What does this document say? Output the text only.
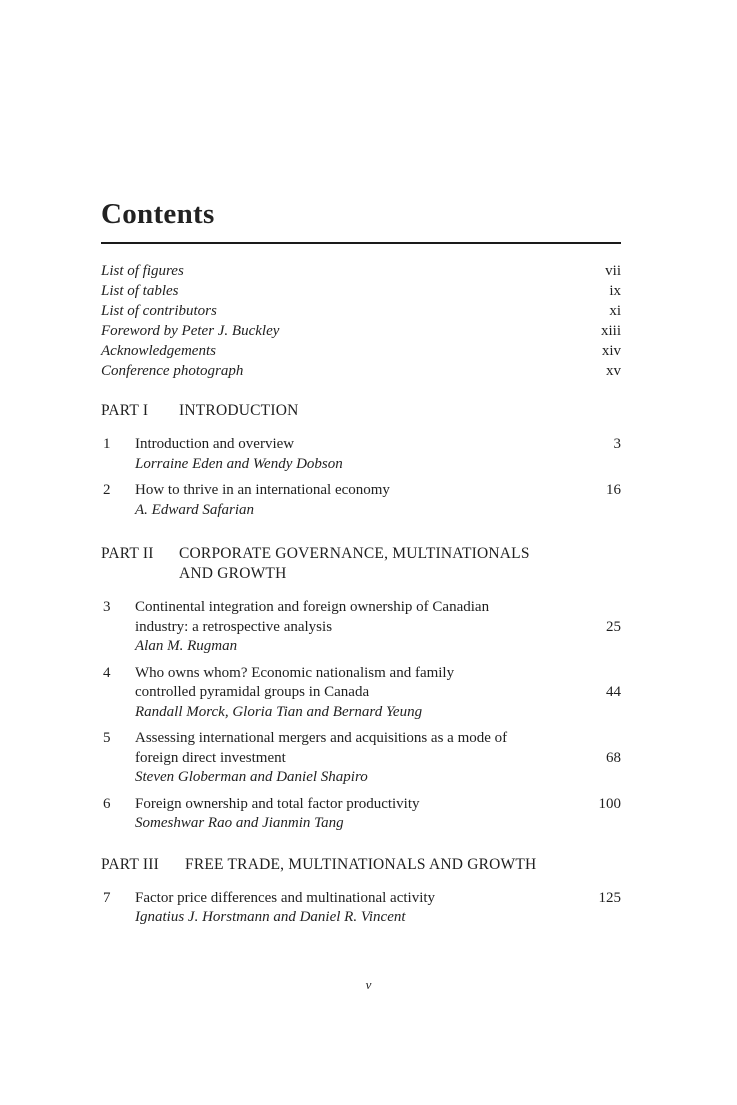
Contents
List of figures	vii
List of tables	ix
List of contributors	xi
Foreword by Peter J. Buckley	xiii
Acknowledgements	xiv
Conference photograph	xv
PART I	INTRODUCTION
1	Introduction and overview	3
Lorraine Eden and Wendy Dobson
2	How to thrive in an international economy	16
A. Edward Safarian
PART II	CORPORATE GOVERNANCE, MULTINATIONALS
AND GROWTH
3	Continental integration and foreign ownership of Canadian
industry: a retrospective analysis	25
Alan M. Rugman
4	Who owns whom? Economic nationalism and family
controlled pyramidal groups in Canada	44
Randall Morck, Gloria Tian and Bernard Yeung
5	Assessing international mergers and acquisitions as a mode of
foreign direct investment	68
Steven Globerman and Daniel Shapiro
6	Foreign ownership and total factor productivity	100
Someshwar Rao and Jianmin Tang
PART III	FREE TRADE, MULTINATIONALS AND GROWTH
7	Factor price differences and multinational activity	125
Ignatius J. Horstmann and Daniel R. Vincent
v
